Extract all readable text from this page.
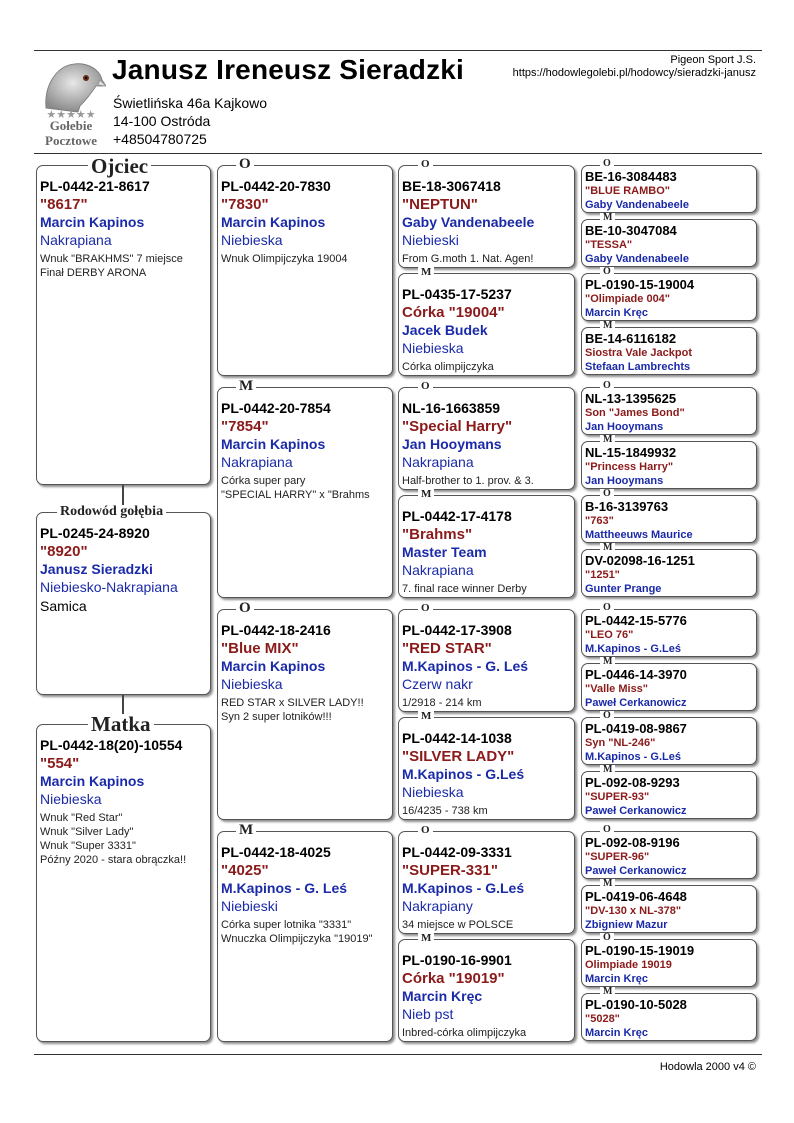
★★★★★
Gołebie
Pocztowe
Janusz Ireneusz Sieradzki
Świetlińska 46a Kajkowo
14-100 Ostróda
+48504780725
Pigeon Sport J.S.
https://hodowlegolebi.pl/hodowcy/sieradzki-janusz
PL-0442-21-8617
"8617"
Marcin Kapinos
Nakrapiana
Wnuk "BRAKHMS" 7 miejsce
Finał DERBY ARONA
Ojciec
PL-0245-24-8920
"8920"
Janusz Sieradzki
Niebiesko-Nakrapiana
Samica
Rodowód gołębia
PL-0442-18(20)-10554
"554"
Marcin Kapinos
Niebieska
Wnuk "Red Star"
Wnuk "Silver Lady"
Wnuk "Super 3331"
Późny 2020 - stara obrączka!!
Matka
PL-0442-20-7830
"7830"
Marcin Kapinos
Niebieska
Wnuk Olimpijczyka 19004
O
PL-0442-20-7854
"7854"
Marcin Kapinos
Nakrapiana
Córka super pary
"SPECIAL HARRY" x "Brahms
M
PL-0442-18-2416
"Blue MIX"
Marcin Kapinos
Niebieska
RED STAR x SILVER LADY!!
Syn 2 super lotników!!!
O
PL-0442-18-4025
"4025"
M.Kapinos - G. Leś
Niebieski
Córka super lotnika "3331"
Wnuczka Olimpijczyka "19019"
M
BE-18-3067418
"NEPTUN"
Gaby Vandenabeele
Niebieski
From G.moth 1. Nat. Agen!
O
PL-0435-17-5237
Córka "19004"
Jacek Budek
Niebieska
Córka olimpijczyka
M
NL-16-1663859
"Special Harry"
Jan Hooymans
Nakrapiana
Half-brother to 1. prov. & 3.
O
PL-0442-17-4178
"Brahms"
Master Team
Nakrapiana
7. final race winner Derby
M
PL-0442-17-3908
"RED STAR"
M.Kapinos - G. Leś
Czerw nakr
1/2918 - 214 km
O
PL-0442-14-1038
"SILVER LADY"
M.Kapinos - G.Leś
Niebieska
16/4235 - 738 km
M
PL-0442-09-3331
"SUPER-331"
M.Kapinos - G.Leś
Nakrapiany
34 miejsce w POLSCE
O
PL-0190-16-9901
Córka "19019"
Marcin Kręc
Nieb pst
Inbred-córka olimpijczyka
M
BE-16-3084483
"BLUE RAMBO"
Gaby Vandenabeele
O
BE-10-3047084
"TESSA"
Gaby Vandenabeele
M
PL-0190-15-19004
"Olimpiade 004"
Marcin Kręc
O
BE-14-6116182
Siostra Vale Jackpot
Stefaan Lambrechts
M
NL-13-1395625
Son "James Bond"
Jan Hooymans
O
NL-15-1849932
"Princess Harry"
Jan Hooymans
M
B-16-3139763
"763"
Mattheeuws Maurice
O
DV-02098-16-1251
"1251"
Gunter Prange
M
PL-0442-15-5776
"LEO 76"
M.Kapinos - G.Leś
O
PL-0446-14-3970
"Valle Miss"
Paweł Cerkanowicz
M
PL-0419-08-9867
Syn "NL-246"
M.Kapinos - G.Leś
O
PL-092-08-9293
"SUPER-93"
Paweł Cerkanowicz
M
PL-092-08-9196
"SUPER-96"
Paweł Cerkanowicz
O
PL-0419-06-4648
"DV-130 x NL-378"
Zbigniew Mazur
M
PL-0190-15-19019
Olimpiade 19019
Marcin Kręc
O
PL-0190-10-5028
"5028"
Marcin Kręc
M
Hodowla 2000 v4 ©
